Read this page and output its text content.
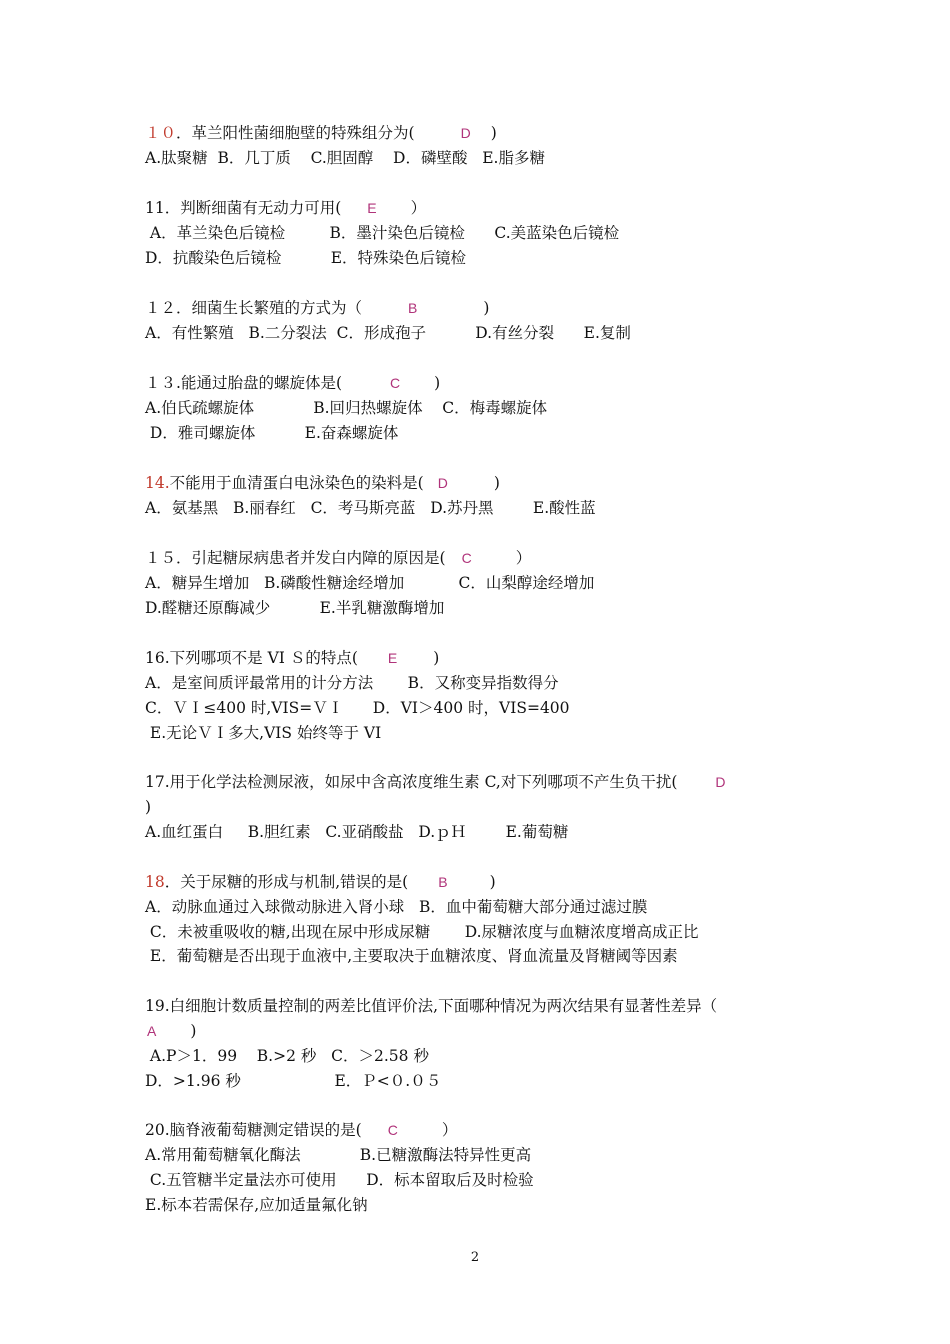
１０．革兰阳性菌细胞壁的特殊组分为(	D )
A.肽聚糖  B．几丁质    C.胆固醇    D．磷壁酸   E.脂多糖
11．判断细菌有无动力可用( E ）
A．革兰染色后镜检         B．墨汁染色后镜检      C.美蓝染色后镜检
D．抗酸染色后镜检          E．特殊染色后镜检
１２．细菌生长繁殖的方式为（	B	)
A．有性繁殖   B.二分裂法  C．形成孢子          D.有丝分裂      E.复制
１３.能通过胎盘的螺旋体是(	C )
A.伯氏疏螺旋体            B.回归热螺旋体    C．梅毒螺旋体
D．雅司螺旋体          E.奋森螺旋体
14.不能用于血清蛋白电泳染色的染料是( D	)
A．氨基黑   B.丽春红   C．考马斯亮蓝   D.苏丹黑        E.酸性蓝
１５．引起糖尿病患者并发白内障的原因是( C	）
A．糖异生增加   B.磷酸性糖途经增加           C．山梨醇途经增加
D.醛糖还原酶减少          E.半乳糖激酶增加
16.下列哪项不是 VI Ｓ的特点( E )
A．是室间质评最常用的计分方法       B．又称变异指数得分
C．ＶＩ≤400 时,VIS=ＶＩ      D．VI＞400 时，VIS=400
E.无论ＶＩ多大,VIS 始终等于 VI
17.用于化学法检测尿液，如尿中含高浓度维生素 C,对下列哪项不产生负干扰(	D
)
A.血红蛋白     B.胆红素   C.亚硝酸盐   D.ｐＨ        E.葡萄糖
18．关于尿糖的形成与机制,错误的是( B	)
A．动脉血通过入球微动脉进入肾小球   B．血中葡萄糖大部分通过滤过膜
C．未被重吸收的糖,出现在尿中形成尿糖       D.尿糖浓度与血糖浓度增高成正比
E．葡萄糖是否出现于血液中,主要取决于血糖浓度、肾血流量及肾糖阈等因素
19.白细胞计数质量控制的两差比值评价法,下面哪种情况为两次结果有显著性差异（
A )
A.P＞1．99    B.>2 秒   C．＞2.58 秒
D．>1.96 秒                   E．Ｐ<０.０５
20.脑脊液葡萄糖测定错误的是( C	）
A.常用葡萄糖氧化酶法            B.已糖激酶法特异性更高
C.五管糖半定量法亦可使用      D．标本留取后及时检验
E.标本若需保存,应加适量氟化钠
2
